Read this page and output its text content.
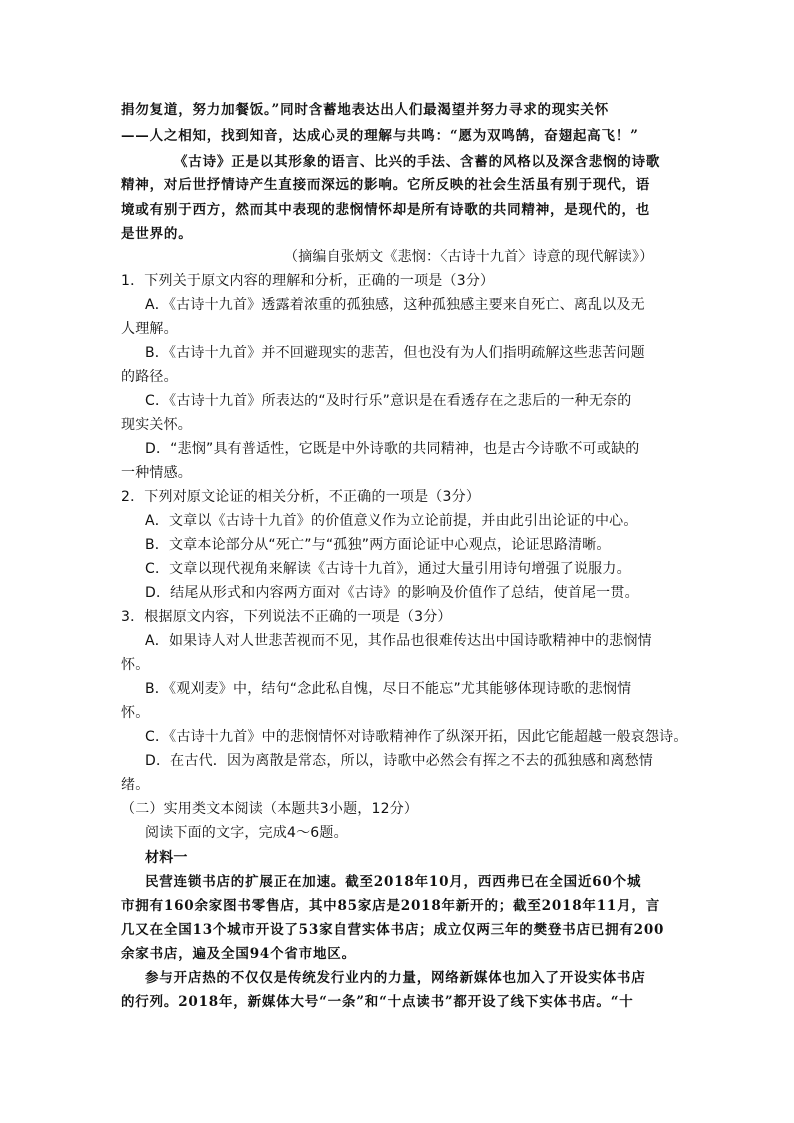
捐勿复道，努力加餐饭。”同时含蓄地表达出人们最渴望并努力寻求的现实关怀
——人之相知，找到知音，达成心灵的理解与共鸣：“愿为双鸣鹄，奋翅起高飞！”
《古诗》正是以其形象的语言、比兴的手法、含蓄的风格以及深含悲悯的诗歌
精神，对后世抒情诗产生直接而深远的影响。它所反映的社会生活虽有别于现代，语
境或有别于西方，然而其中表现的悲悯情怀却是所有诗歌的共同精神，是现代的，也
是世界的。
（摘编自张炳文《悲悯：〈古诗十九首〉诗意的现代解读》）
1．下列关于原文内容的理解和分析，正确的一项是（3分）
A．《古诗十九首》透露着浓重的孤独感，这种孤独感主要来自死亡、离乱以及无
人理解。
B．《古诗十九首》并不回避现实的悲苦，但也没有为人们指明疏解这些悲苦问题
的路径。
C．《古诗十九首》所表达的“及时行乐”意识是在看透存在之悲后的一种无奈的
现实关怀。
D．“悲悯”具有普适性，它既是中外诗歌的共同精神，也是古今诗歌不可或缺的
一种情感。
2．下列对原文论证的相关分析，不正确的一项是（3分）
A．文章以《古诗十九首》的价值意义作为立论前提，并由此引出论证的中心。
B．文章本论部分从“死亡”与“孤独”两方面论证中心观点，论证思路清晰。
C．文章以现代视角来解读《古诗十九首》，通过大量引用诗句增强了说服力。
D．结尾从形式和内容两方面对《古诗》的影响及价值作了总结，使首尾一贯。
3．根据原文内容，下列说法不正确的一项是（3分）
A．如果诗人对人世悲苦视而不见，其作品也很难传达出中国诗歌精神中的悲悯情
怀。
B．《观刈麦》中，结句“念此私自愧，尽日不能忘”尤其能够体现诗歌的悲悯情
怀。
C．《古诗十九首》中的悲悯情怀对诗歌精神作了纵深开拓，因此它能超越一般哀怨诗。
D．在古代．因为离散是常态，所以，诗歌中必然会有挥之不去的孤独感和离愁情
绪。
（二）实用类文本阅读（本题共3小题，12分）
阅读下面的文字，完成4～6题。
材料一
民营连锁书店的扩展正在加速。截至2018年10月，西西弗已在全国近60个城
市拥有160余家图书零售店，其中85家店是2018年新开的；截至2018年11月，言
几又在全国13个城市开设了53家自营实体书店；成立仅两三年的樊登书店已拥有200
余家书店，遍及全国94个省市地区。
参与开店热的不仅仅是传统发行业内的力量，网络新媒体也加入了开设实体书店
的行列。2018年，新媒体大号“一条”和“十点读书”都开设了线下实体书店。“十
